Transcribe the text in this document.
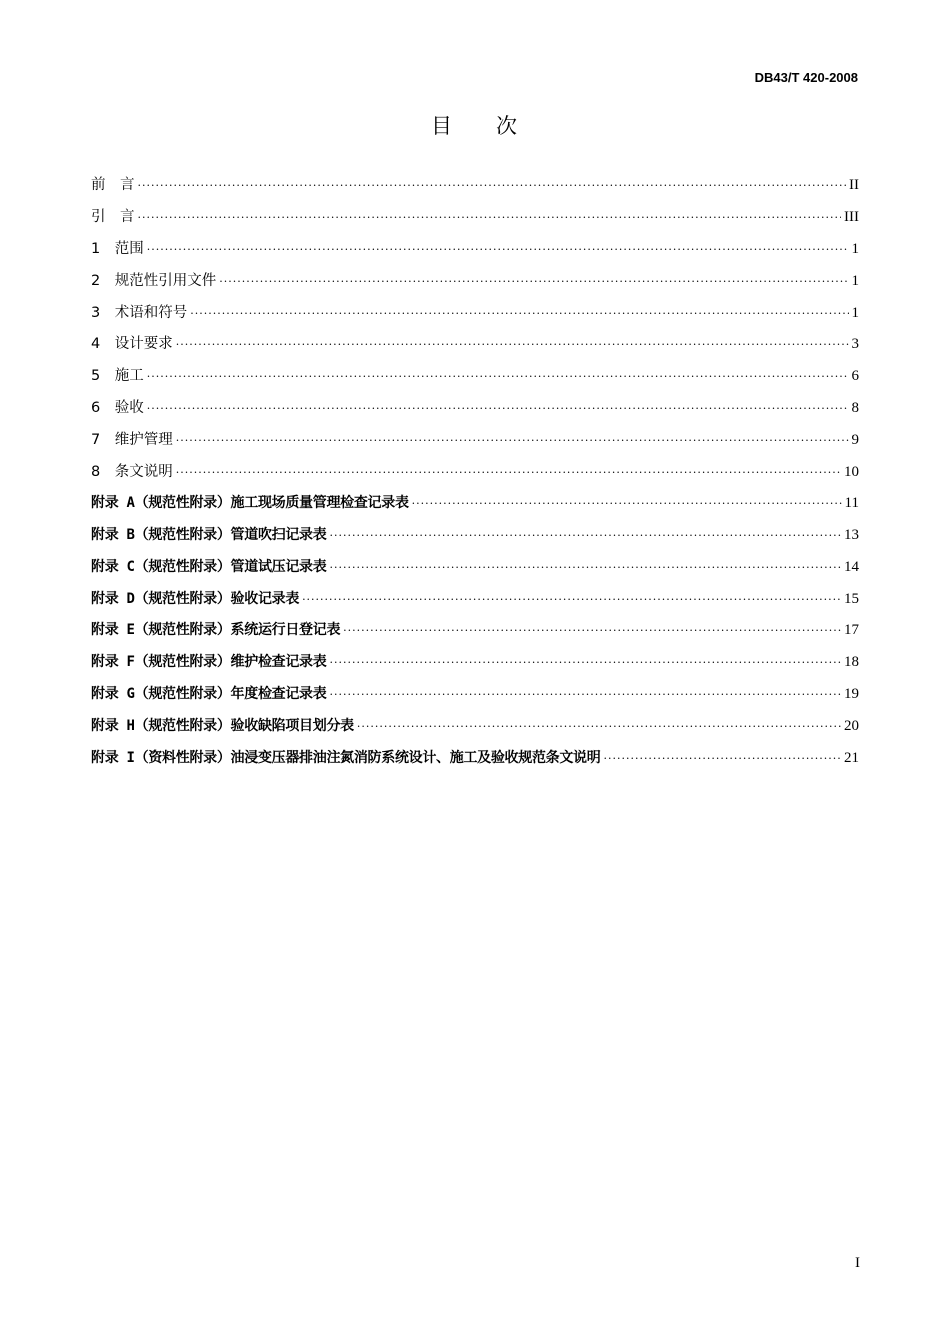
DB43/T 420-2008
目 次
前　言 ·····	II
引　言 ·····	III
1　范围 ·····	1
2　规范性引用文件 ·····	1
3　术语和符号 ·····	1
4　设计要求 ·····	3
5　施工 ·····	6
6　验收 ·····	8
7　维护管理 ·····	9
8　条文说明 ·····	10
附录 A（规范性附录）施工现场质量管理检查记录表 ·····	11
附录 B（规范性附录）管道吹扫记录表 ·····	13
附录 C（规范性附录）管道试压记录表 ·····	14
附录 D（规范性附录）验收记录表 ·····	15
附录 E（规范性附录）系统运行日登记表 ·····	17
附录 F（规范性附录）维护检查记录表 ·····	18
附录 G（规范性附录）年度检查记录表 ·····	19
附录 H（规范性附录）验收缺陷项目划分表 ·····	20
附录 I（资料性附录）油浸变压器排油注氮消防系统设计、施工及验收规范条文说明 ·····	21
I
